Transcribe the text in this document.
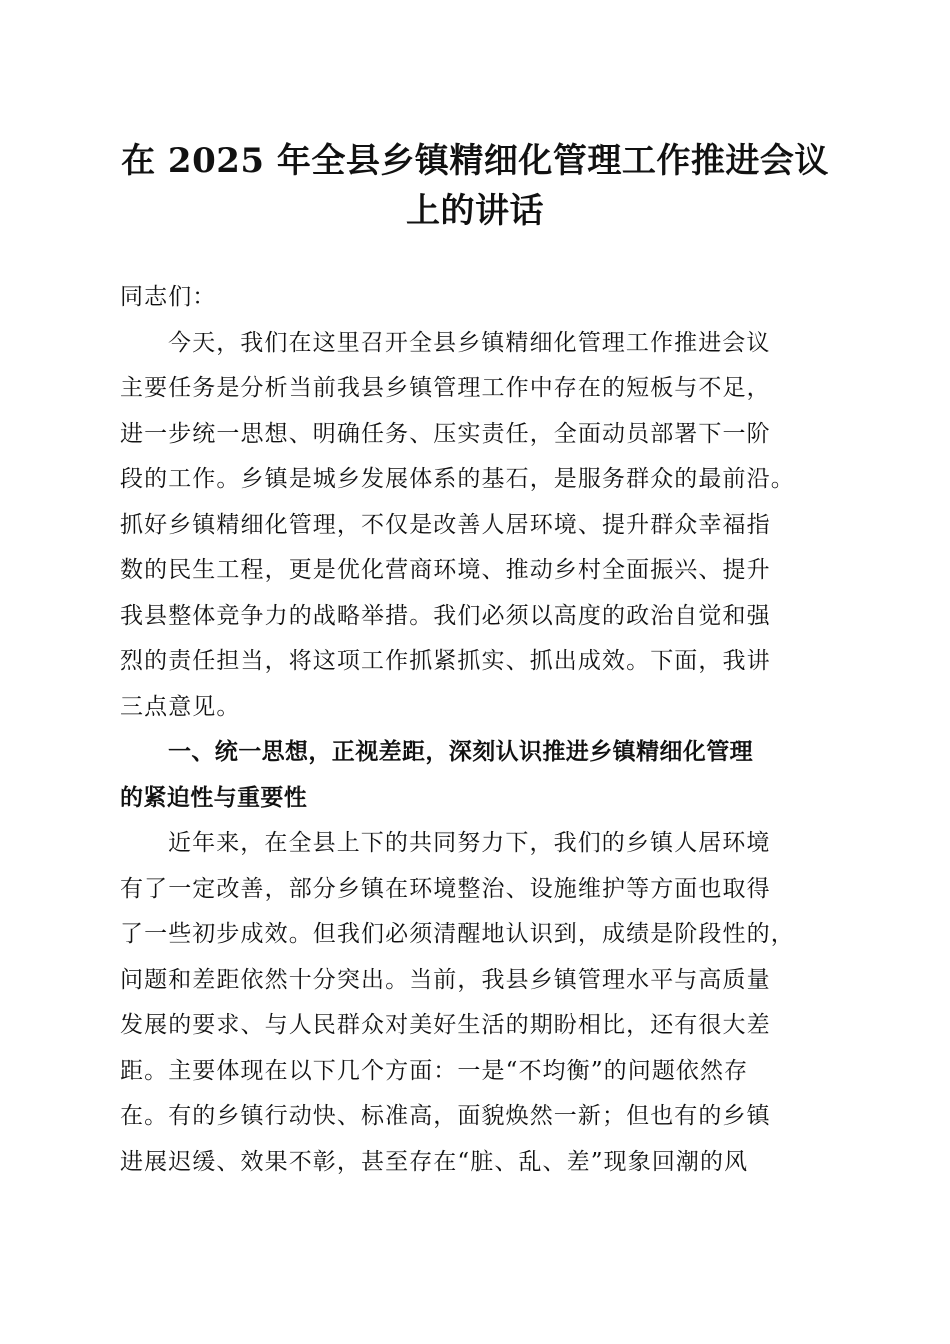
在 2025 年全县乡镇精细化管理工作推进会议
上的讲话
同志们：
今天，我们在这里召开全县乡镇精细化管理工作推进会议
主要任务是分析当前我县乡镇管理工作中存在的短板与不足，
进一步统一思想、明确任务、压实责任，全面动员部署下一阶
段的工作。乡镇是城乡发展体系的基石，是服务群众的最前沿。
抓好乡镇精细化管理，不仅是改善人居环境、提升群众幸福指
数的民生工程，更是优化营商环境、推动乡村全面振兴、提升
我县整体竞争力的战略举措。我们必须以高度的政治自觉和强
烈的责任担当，将这项工作抓紧抓实、抓出成效。下面，我讲
三点意见。
一、统一思想，正视差距，深刻认识推进乡镇精细化管理
的紧迫性与重要性
近年来，在全县上下的共同努力下，我们的乡镇人居环境
有了一定改善，部分乡镇在环境整治、设施维护等方面也取得
了一些初步成效。但我们必须清醒地认识到，成绩是阶段性的，
问题和差距依然十分突出。当前，我县乡镇管理水平与高质量
发展的要求、与人民群众对美好生活的期盼相比，还有很大差
距。主要体现在以下几个方面：一是“不均衡”的问题依然存
在。有的乡镇行动快、标准高，面貌焕然一新；但也有的乡镇
进展迟缓、效果不彰，甚至存在“脏、乱、差”现象回潮的风
